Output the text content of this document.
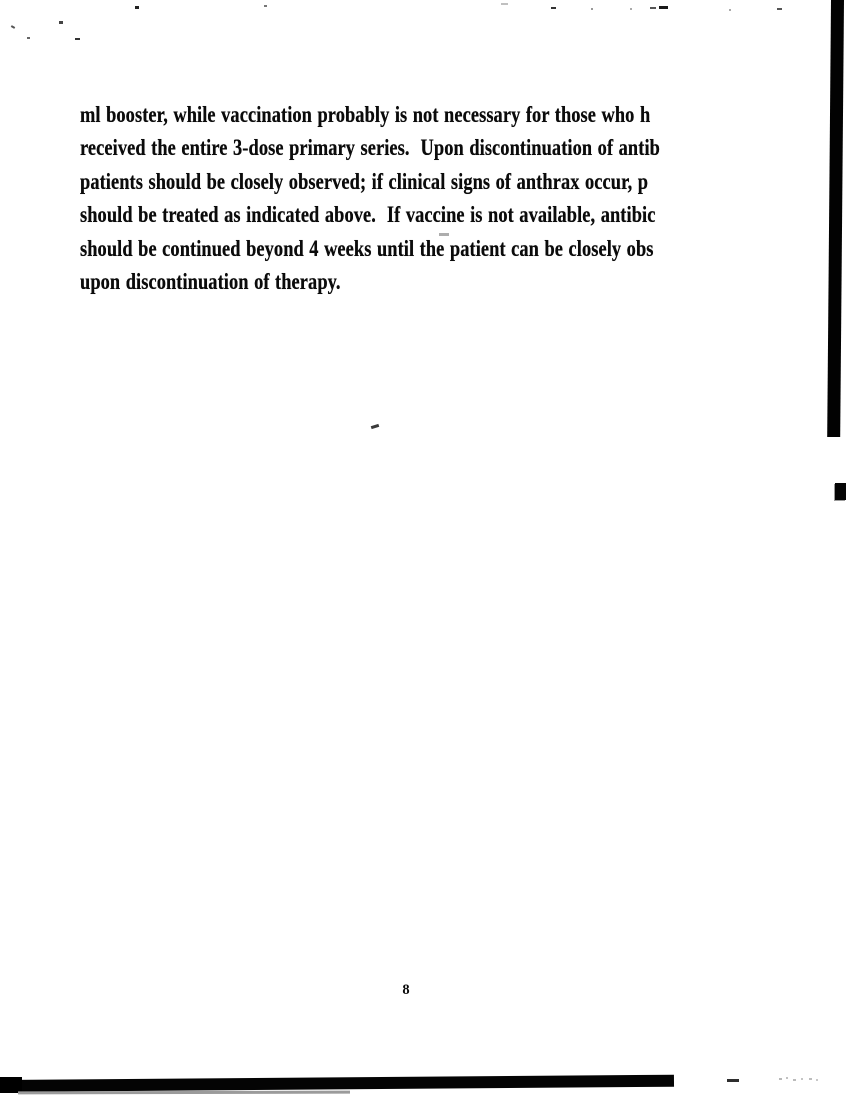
ml booster, while vaccination probably is not necessary for those who h
received the entire 3-dose primary series.  Upon discontinuation of antib
patients should be closely observed; if clinical signs of anthrax occur, p
should be treated as indicated above.  If vaccine is not available, antibic
should be continued beyond 4 weeks until the patient can be closely obs
upon discontinuation of therapy.
8
